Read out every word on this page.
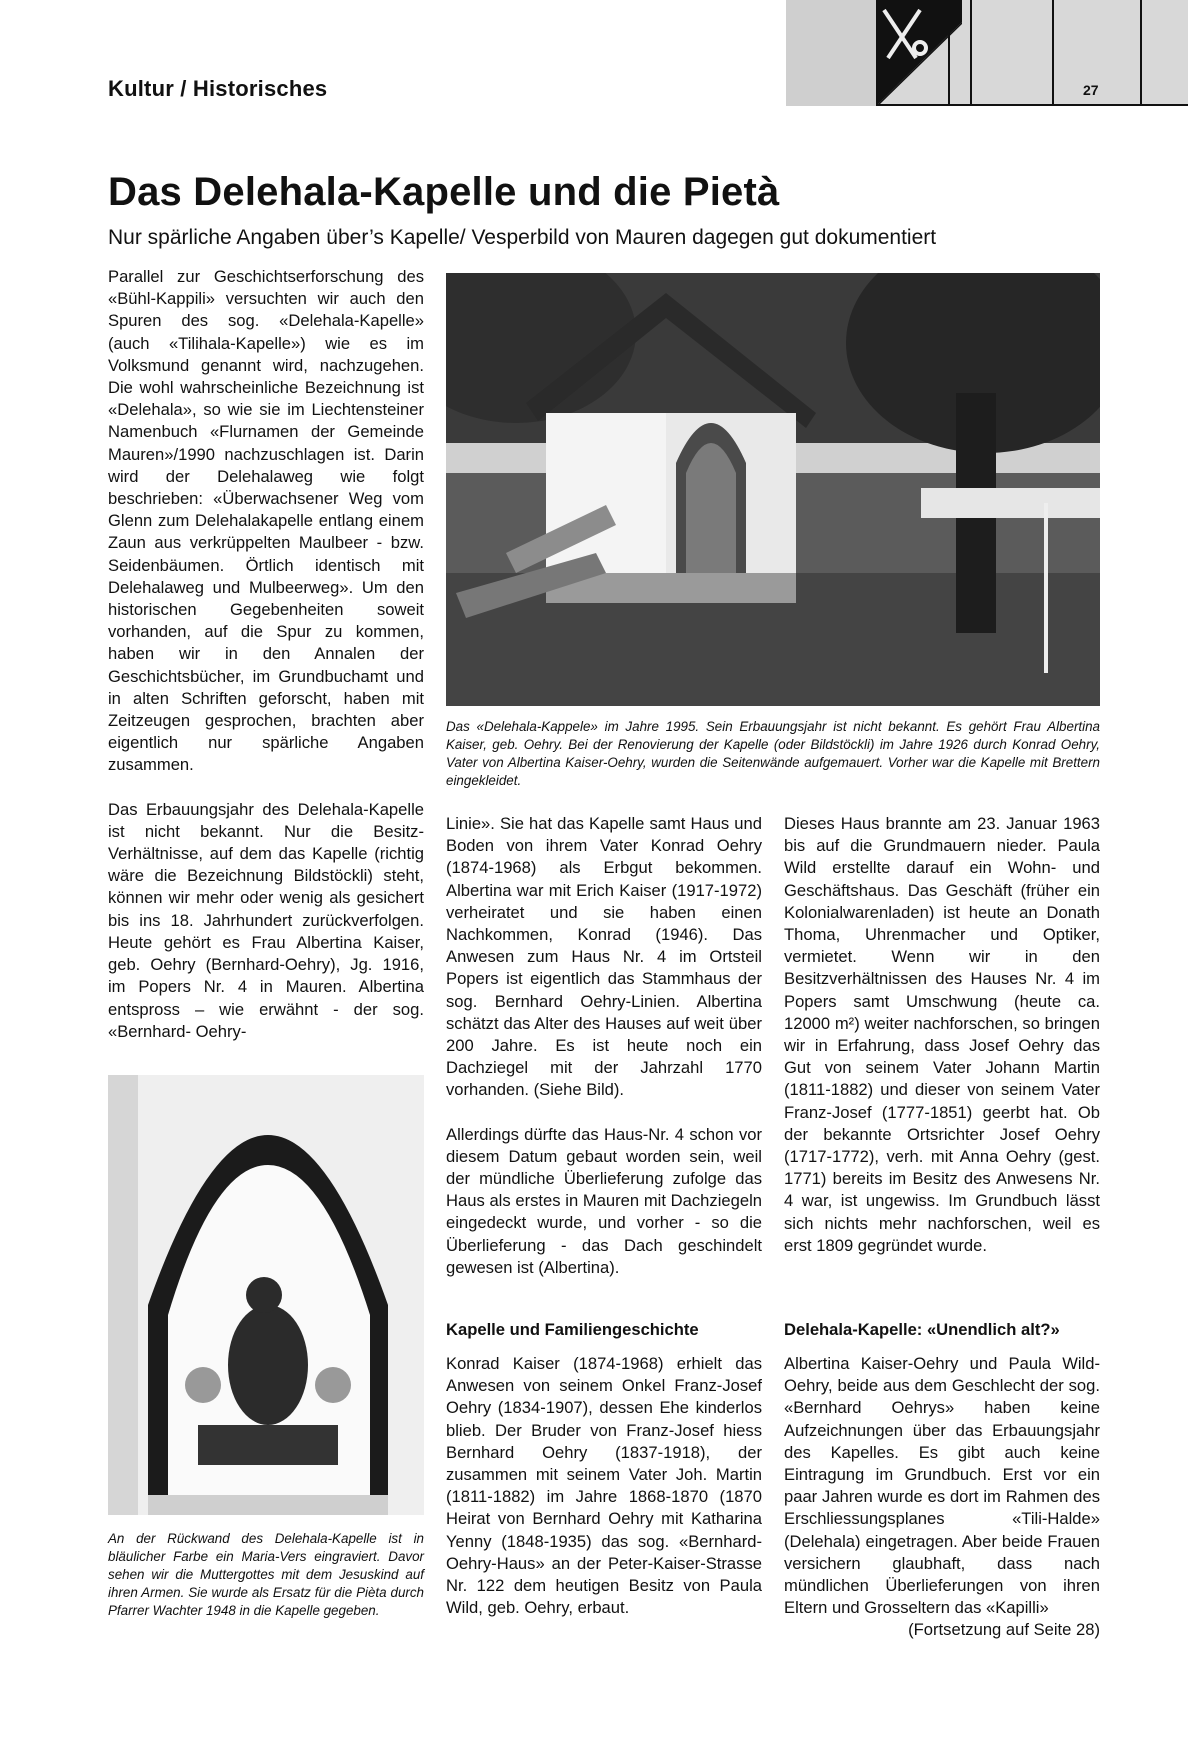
Kultur / Historisches	27
Das Delehala-Kapelle und die Pietà
Nur spärliche Angaben über’s Kapelle/ Vesperbild von Mauren dagegen gut dokumentiert

Parallel zur Geschichtserforschung des «Bühl-Kappili» versuchten wir auch den Spuren des sog. «Delehala-Kapelle» (auch «Tilihala-Kapelle») wie es im Volksmund genannt wird, nachzugehen. Die wohl wahrscheinliche Bezeichnung ist «Delehala», so wie sie im Liechtensteiner Namenbuch «Flurnamen der Gemeinde Mauren»/1990 nachzuschlagen ist. Darin wird der Delehalaweg wie folgt beschrieben: «Überwachsener Weg vom Glenn zum Delehalakapelle entlang einem Zaun aus verkrüppelten Maulbeer - bzw. Seidenbäumen. Örtlich identisch mit Delehalaweg und Mulbeerweg». Um den historischen Gegebenheiten soweit vorhanden, auf die Spur zu kommen, haben wir in den Annalen der Geschichtsbücher, im Grundbuchamt und in alten Schriften geforscht, haben mit Zeitzeugen gesprochen, brachten aber eigentlich nur spärliche Angaben zusammen.

Das Erbauungsjahr des Delehala-Kapelle ist nicht bekannt. Nur die Besitz-Verhältnisse, auf dem das Kapelle (richtig wäre die Bezeichnung Bildstöckli) steht, können wir mehr oder wenig als gesichert bis ins 18. Jahrhundert zurückverfolgen. Heute gehört es Frau Albertina Kaiser, geb. Oehry (Bernhard-Oehry), Jg. 1916, im Popers Nr. 4 in Mauren. Albertina entspross – wie erwähnt - der sog. «Bernhard- Oehry-

Das «Delehala-Kappele» im Jahre 1995. Sein Erbauungsjahr ist nicht bekannt. Es gehört Frau Albertina Kaiser, geb. Oehry. Bei der Renovierung der Kapelle (oder Bildstöckli) im Jahre 1926 durch Konrad Oehry, Vater von Albertina Kaiser-Oehry, wurden die Seitenwände aufgemauert. Vorher war die Kapelle mit Brettern eingekleidet.

Linie». Sie hat das Kapelle samt Haus und Boden von ihrem Vater Konrad Oehry (1874-1968) als Erbgut bekommen. Albertina war mit Erich Kaiser (1917-1972) verheiratet und sie haben einen Nachkommen, Konrad (1946). Das Anwesen zum Haus Nr. 4 im Ortsteil Popers ist eigentlich das Stammhaus der sog. Bernhard Oehry-Linien. Albertina schätzt das Alter des Hauses auf weit über 200 Jahre. Es ist heute noch ein Dachziegel mit der Jahrzahl 1770 vorhanden. (Siehe Bild).

Allerdings dürfte das Haus-Nr. 4 schon vor diesem Datum gebaut worden sein, weil der mündliche Überlieferung zufolge das Haus als erstes in Mauren mit Dachziegeln eingedeckt wurde, und vorher - so die Überlieferung - das Dach geschindelt gewesen ist (Albertina).

Dieses Haus brannte am 23. Januar 1963 bis auf die Grundmauern nieder. Paula Wild erstellte darauf ein Wohn- und Geschäftshaus. Das Geschäft (früher ein Kolonialwarenladen) ist heute an Donath Thoma, Uhrenmacher und Optiker, vermietet. Wenn wir in den Besitzverhältnissen des Hauses Nr. 4 im Popers samt Umschwung (heute ca. 12000 m²) weiter nachforschen, so bringen wir in Erfahrung, dass Josef Oehry das Gut von seinem Vater Johann Martin (1811-1882) und dieser von seinem Vater Franz-Josef (1777-1851) geerbt hat. Ob der bekannte Ortsrichter Josef Oehry (1717-1772), verh. mit Anna Oehry (gest. 1771) bereits im Besitz des Anwesens Nr. 4 war, ist ungewiss. Im Grundbuch lässt sich nichts mehr nachforschen, weil es erst 1809 gegründet wurde.

An der Rückwand des Delehala-Kapelle ist in bläulicher Farbe ein Maria-Vers eingraviert. Davor sehen wir die Muttergottes mit dem Jesuskind auf ihren Armen. Sie wurde als Ersatz für die Pièta durch Pfarrer Wachter 1948 in die Kapelle gegeben.
Kapelle und Familiengeschichte

Konrad Kaiser (1874-1968) erhielt das Anwesen von seinem Onkel Franz-Josef Oehry (1834-1907), dessen Ehe kinderlos blieb. Der Bruder von Franz-Josef hiess Bernhard Oehry (1837-1918), der zusammen mit seinem Vater Joh. Martin (1811-1882) im Jahre 1868-1870 (1870 Heirat von Bernhard Oehry mit Katharina Yenny (1848-1935) das sog. «Bernhard-Oehry-Haus» an der Peter-Kaiser-Strasse Nr. 122 dem heutigen Besitz von Paula Wild, geb. Oehry, erbaut.

Delehala-Kapelle: «Unendlich alt?»

Albertina Kaiser-Oehry und Paula Wild-Oehry, beide aus dem Geschlecht der sog. «Bernhard Oehrys» haben keine Aufzeichnungen über das Erbauungsjahr des Kapelles. Es gibt auch keine Eintragung im Grundbuch. Erst vor ein paar Jahren wurde es dort im Rahmen des Erschliessungsplanes «Tili-Halde» (Delehala) eingetragen. Aber beide Frauen versichern glaubhaft, dass nach mündlichen Überlieferungen von ihren Eltern und Grosseltern das «Kapilli»

(Fortsetzung auf Seite 28)
